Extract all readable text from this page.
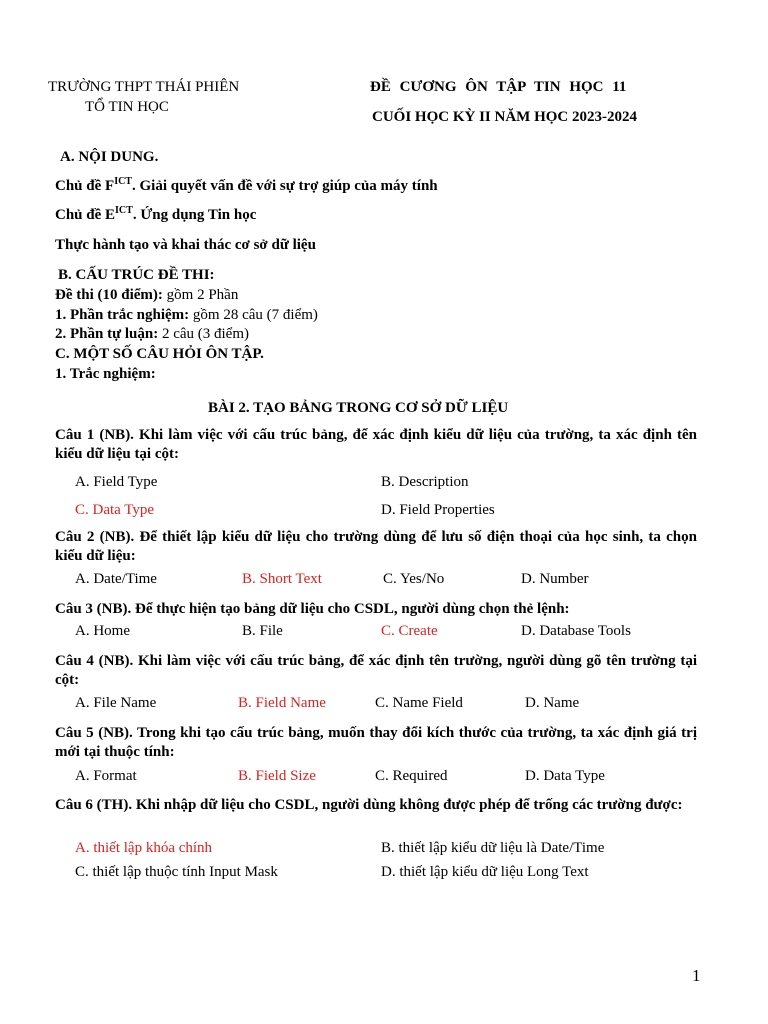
TRƯỜNG THPT THÁI PHIÊN
TỔ TIN HỌC
ĐỀ CƯƠNG ÔN TẬP TIN HỌC 11
CUỐI HỌC KỲ II NĂM HỌC 2023-2024
A. NỘI DUNG.
Chủ đề $F^{ICT}$. Giải quyết vấn đề với sự trợ giúp của máy tính
Chủ đề $E^{ICT}$. Ứng dụng Tin học
Thực hành tạo và khai thác cơ sở dữ liệu
B. CẤU TRÚC ĐỀ THI:
Đề thi (10 điểm): gồm 2 Phần
1. Phần trắc nghiệm: gồm 28 câu (7 điểm)
2. Phần tự luận: 2 câu (3 điểm)
C. MỘT SỐ CÂU HỎI ÔN TẬP.
1. Trắc nghiệm:
BÀI 2. TẠO BẢNG TRONG CƠ SỞ DỮ LIỆU
Câu 1 (NB). Khi làm việc với cấu trúc bảng, để xác định kiểu dữ liệu của trường, ta xác định tên kiểu dữ liệu tại cột:
A. Field Type	B. Description
C. Data Type	D. Field Properties
Câu 2 (NB). Để thiết lập kiểu dữ liệu cho trường dùng để lưu số điện thoại của học sinh, ta chọn kiểu dữ liệu:
A. Date/Time	B. Short Text	C. Yes/No	D. Number
Câu 3 (NB). Để thực hiện tạo bảng dữ liệu cho CSDL, người dùng chọn thẻ lệnh:
A. Home	B. File	C. Create	D. Database Tools
Câu 4 (NB). Khi làm việc với cấu trúc bảng, để xác định tên trường, người dùng gõ tên trường tại cột:
A. File Name	B. Field Name	C. Name Field	D. Name
Câu 5 (NB). Trong khi tạo cấu trúc bảng, muốn thay đổi kích thước của trường, ta xác định giá trị mới tại thuộc tính:
A. Format	B. Field Size	C. Required	D. Data Type
Câu 6 (TH). Khi nhập dữ liệu cho CSDL, người dùng không được phép để trống các trường được:
A. thiết lập khóa chính	B. thiết lập kiểu dữ liệu là Date/Time
C. thiết lập thuộc tính Input Mask	D. thiết lập kiểu dữ liệu Long Text
1
